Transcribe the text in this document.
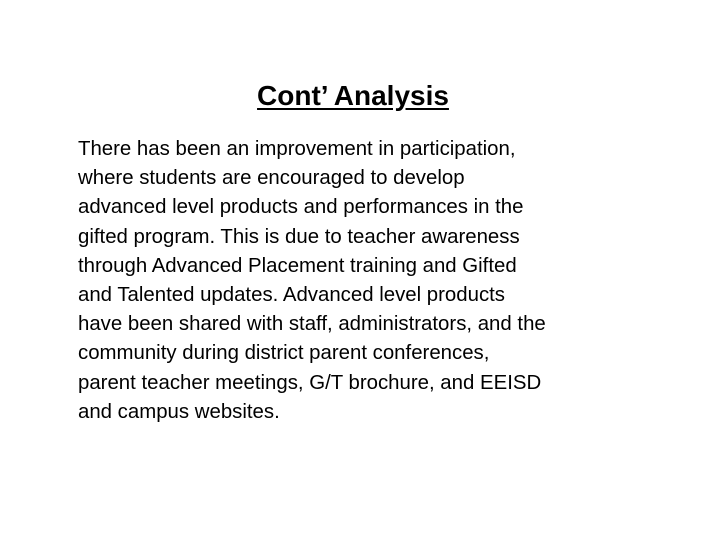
Cont’ Analysis

There has been an improvement in participation,
where students are encouraged to develop
advanced level products and performances in the
gifted program. This is due to teacher awareness
through Advanced Placement training and Gifted
and Talented updates. Advanced level products
have been shared with staff, administrators, and the
community during district parent conferences,
parent teacher meetings, G/T brochure, and EEISD
and campus websites.
